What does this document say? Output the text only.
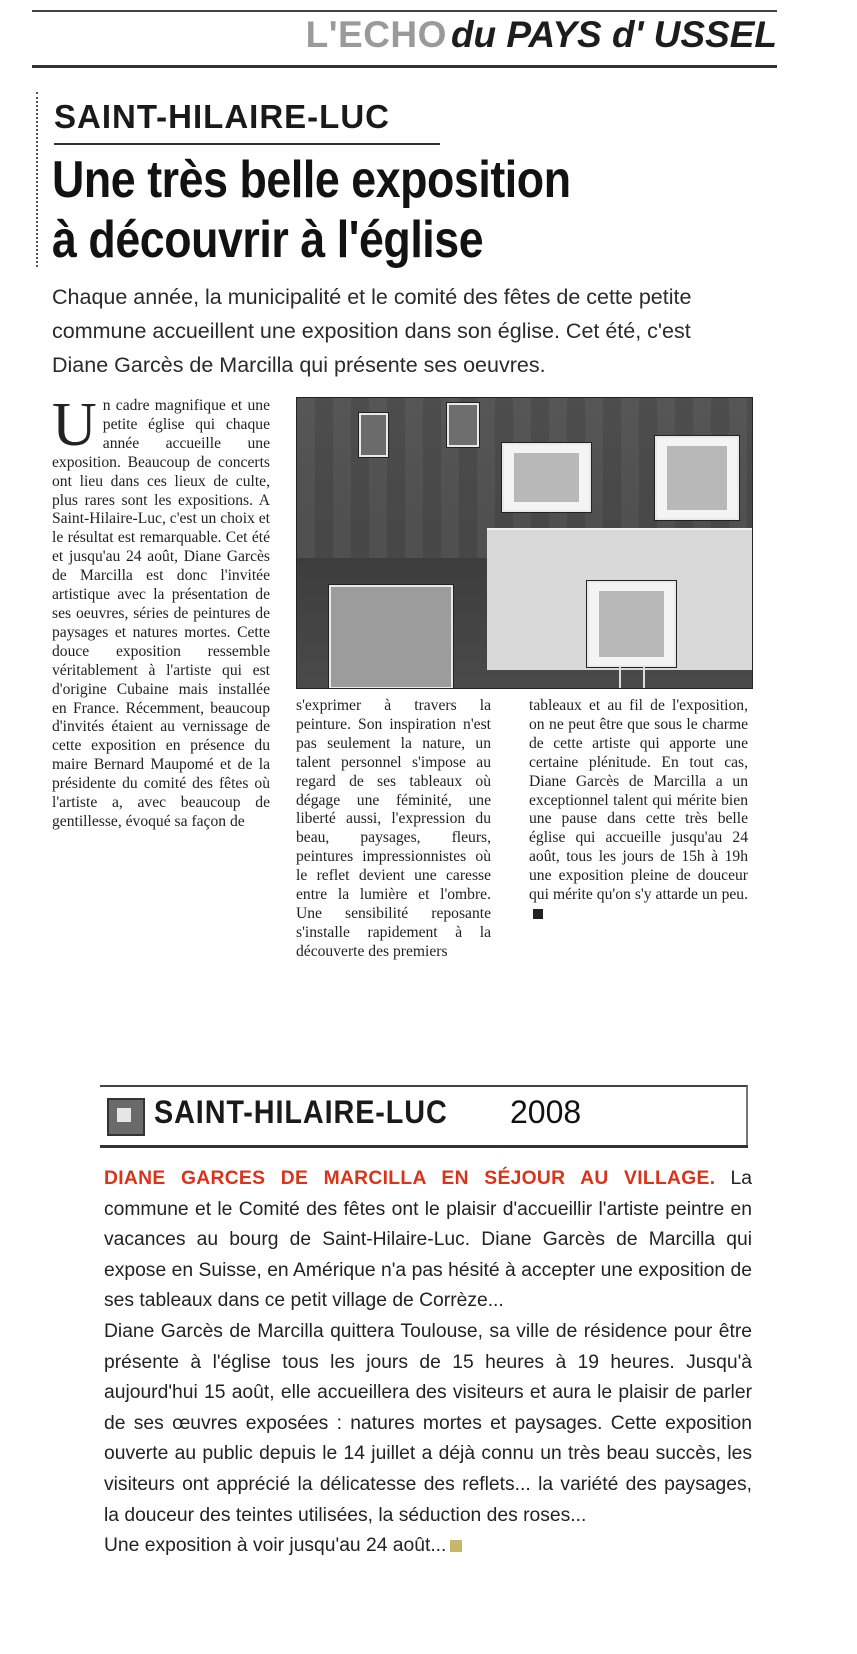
L'ECHO du PAYS d' USSEL
SAINT-HILAIRE-LUC
Une très belle exposition
à découvrir à l'église
Chaque année, la municipalité et le comité des fêtes de cette petite commune accueillent une exposition dans son église. Cet été, c'est Diane Garcès de Marcilla qui présente ses oeuvres.
U n cadre magnifique et une petite église qui chaque année accueille une exposition. Beaucoup de concerts ont lieu dans ces lieux de culte, plus rares sont les expositions. A Saint-Hilaire-Luc, c'est un choix et le résultat est remarquable. Cet été et jusqu'au 24 août, Diane Garcès de Marcilla est donc l'invitée artistique avec la présentation de ses oeuvres, séries de peintures de paysages et natures mortes. Cette douce exposition ressemble véritablement à l'artiste qui est d'origine Cubaine mais installée en France. Récemment, beaucoup d'invités étaient au vernissage de cette exposition en présence du maire Bernard Maupomé et de la présidente du comité des fêtes où l'artiste a, avec beaucoup de gentillesse, évoqué sa façon de
s'exprimer à travers la peinture. Son inspiration n'est pas seulement la nature, un talent personnel s'impose au regard de ses tableaux où dégage une féminité, une liberté aussi, l'expression du beau, paysages, fleurs, peintures impressionnistes où le reflet devient une caresse entre la lumière et l'ombre. Une sensibilité reposante s'installe rapidement à la découverte des premiers
tableaux et au fil de l'exposition, on ne peut être que sous le charme de cette artiste qui apporte une certaine plénitude. En tout cas, Diane Garcès de Marcilla a un exceptionnel talent qui mérite bien une pause dans cette très belle église qui accueille jusqu'au 24 août, tous les jours de 15h à 19h une exposition pleine de douceur qui mérite qu'on s'y attarde un peu.
SAINT-HILAIRE-LUC 2008

DIANE GARCES DE MARCILLA EN SÉJOUR AU VILLAGE. La commune et le Comité des fêtes ont le plaisir d'accueillir l'artiste peintre en vacances au bourg de Saint-Hilaire-Luc. Diane Garcès de Marcilla qui expose en Suisse, en Amérique n'a pas hésité à accepter une exposition de ses tableaux dans ce petit village de Corrèze...

Diane Garcès de Marcilla quittera Toulouse, sa ville de résidence pour être présente à l'église tous les jours de 15 heures à 19 heures. Jusqu'à aujourd'hui 15 août, elle accueillera des visiteurs et aura le plaisir de parler de ses œuvres exposées : natures mortes et paysages. Cette exposition ouverte au public depuis le 14 juillet a déjà connu un très beau succès, les visiteurs ont apprécié la délicatesse des reflets... la variété des paysages, la douceur des teintes utilisées, la séduction des roses...

Une exposition à voir jusqu'au 24 août...
